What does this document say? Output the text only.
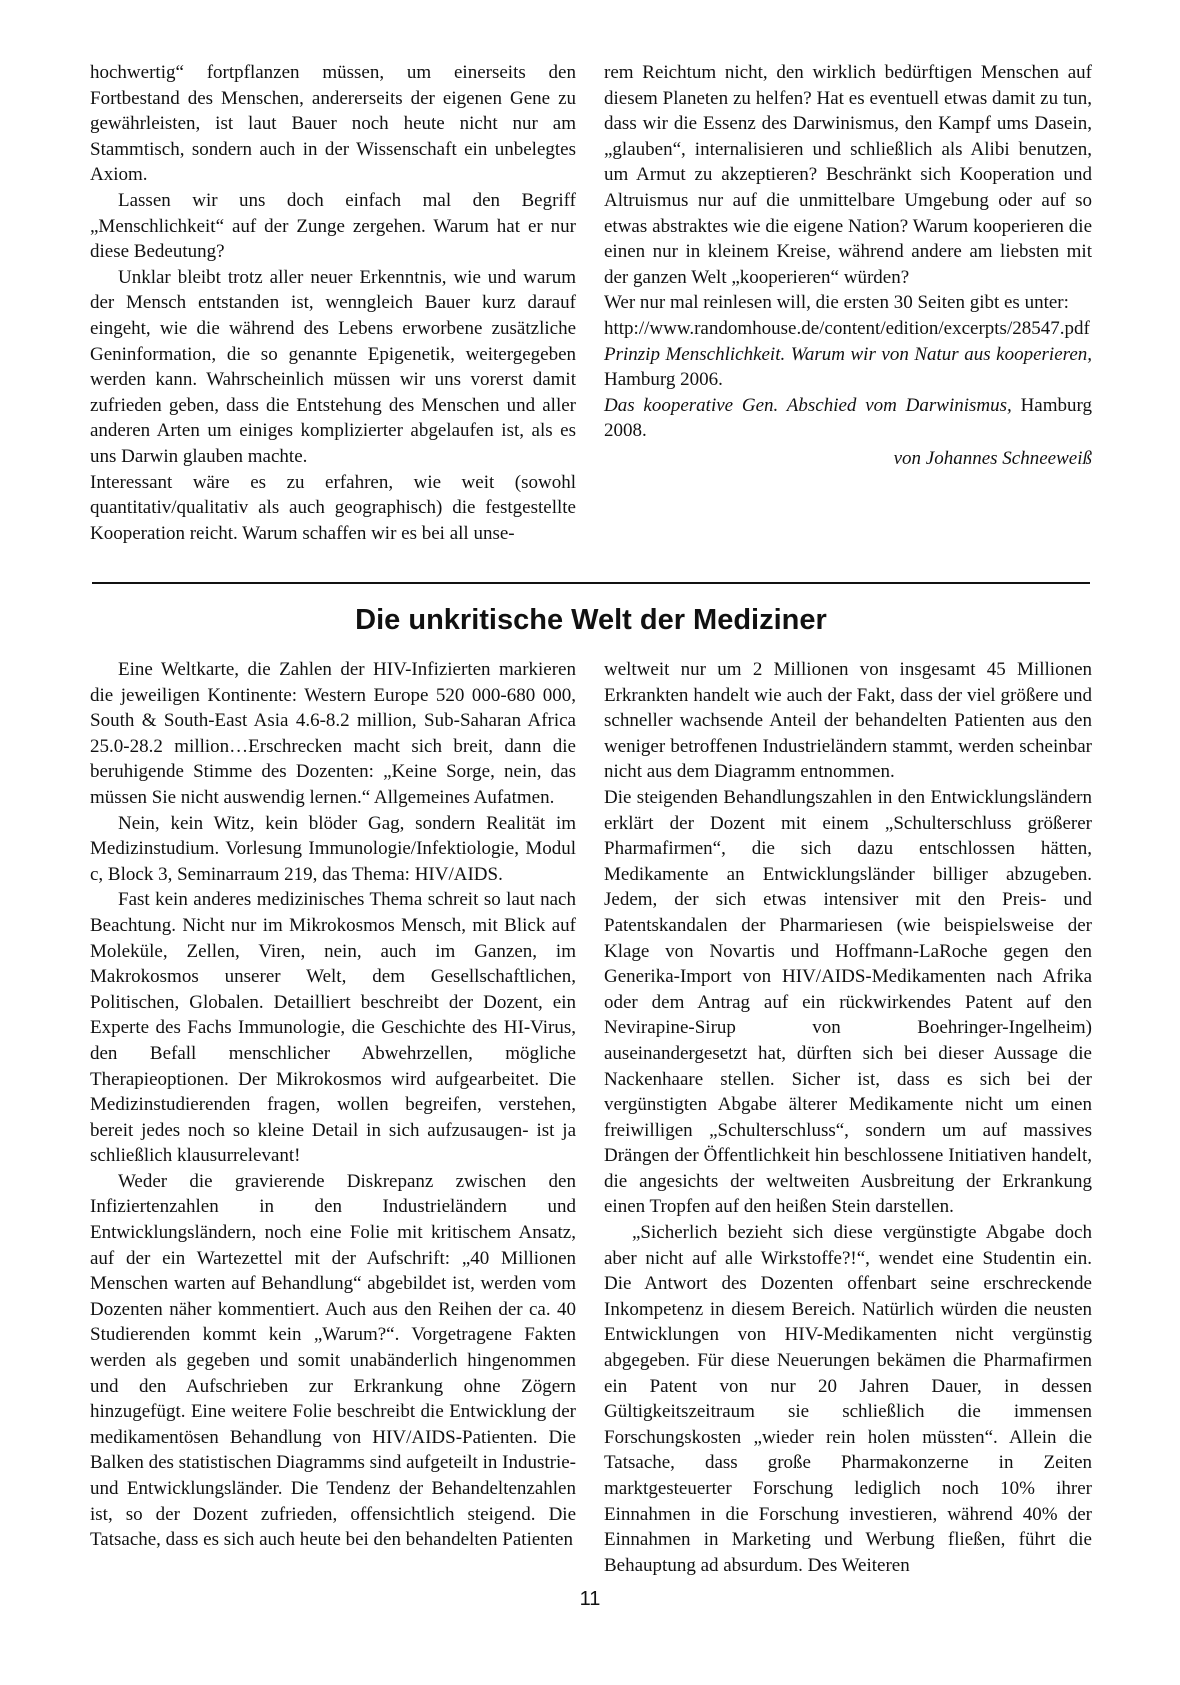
hochwertig“ fortpflanzen müssen, um einerseits den Fortbestand des Menschen, andererseits der eigenen Gene zu gewährleisten, ist laut Bauer noch heute nicht nur am Stammtisch, sondern auch in der Wissenschaft ein unbelegtes Axiom.

Lassen wir uns doch einfach mal den Begriff „Menschlichkeit“ auf der Zunge zergehen. Warum hat er nur diese Bedeutung?

Unklar bleibt trotz aller neuer Erkenntnis, wie und warum der Mensch entstanden ist, wenngleich Bauer kurz darauf eingeht, wie die während des Lebens erworbene zusätzliche Geninformation, die so genannte Epigenetik, weitergegeben werden kann. Wahrscheinlich müssen wir uns vorerst damit zufrieden geben, dass die Entstehung des Menschen und aller anderen Arten um einiges komplizierter abgelaufen ist, als es uns Darwin glauben machte.

Interessant wäre es zu erfahren, wie weit (sowohl quantitativ/qualitativ als auch geographisch) die festgestellte Kooperation reicht. Warum schaffen wir es bei all unse-

rem Reichtum nicht, den wirklich bedürftigen Menschen auf diesem Planeten zu helfen? Hat es eventuell etwas damit zu tun, dass wir die Essenz des Darwinismus, den Kampf ums Dasein, „glauben“, internalisieren und schließlich als Alibi benutzen, um Armut zu akzeptieren? Beschränkt sich Kooperation und Altruismus nur auf die unmittelbare Umgebung oder auf so etwas abstraktes wie die eigene Nation? Warum kooperieren die einen nur in kleinem Kreise, während andere am liebsten mit der ganzen Welt „kooperieren“ würden?

Wer nur mal reinlesen will, die ersten 30 Seiten gibt es unter:

http://www.randomhouse.de/content/edition/excerpts/28547.pdf

Prinzip Menschlichkeit. Warum wir von Natur aus kooperieren, Hamburg 2006.

Das kooperative Gen. Abschied vom Darwinismus, Hamburg 2008.

von Johannes Schneeweiß

Die unkritische Welt der Mediziner

Eine Weltkarte, die Zahlen der HIV-Infizierten markieren die jeweiligen Kontinente: Western Europe 520 000-680 000, South & South-East Asia 4.6-8.2 million, Sub-Saharan Africa 25.0-28.2 million…Erschrecken macht sich breit, dann die beruhigende Stimme des Dozenten: „Keine Sorge, nein, das müssen Sie nicht auswendig lernen.“ Allgemeines Aufatmen.

Nein, kein Witz, kein blöder Gag, sondern Realität im Medizinstudium. Vorlesung Immunologie/Infektiologie, Modul c, Block 3, Seminarraum 219, das Thema: HIV/AIDS.

Fast kein anderes medizinisches Thema schreit so laut nach Beachtung. Nicht nur im Mikrokosmos Mensch, mit Blick auf Moleküle, Zellen, Viren, nein, auch im Ganzen, im Makrokosmos unserer Welt, dem Gesellschaftlichen, Politischen, Globalen. Detailliert beschreibt der Dozent, ein Experte des Fachs Immunologie, die Geschichte des HI-Virus, den Befall menschlicher Abwehrzellen, mögliche Therapieoptionen. Der Mikrokosmos wird aufgearbeitet. Die Medizinstudierenden fragen, wollen begreifen, verstehen, bereit jedes noch so kleine Detail in sich aufzusaugen- ist ja schließlich klausurrelevant!

Weder die gravierende Diskrepanz zwischen den Infiziertenzahlen in den Industrieländern und Entwicklungsländern, noch eine Folie mit kritischem Ansatz, auf der ein Wartezettel mit der Aufschrift: „40 Millionen Menschen warten auf Behandlung“ abgebildet ist, werden vom Dozenten näher kommentiert. Auch aus den Reihen der ca. 40 Studierenden kommt kein „Warum?“. Vorgetragene Fakten werden als gegeben und somit unabänderlich hingenommen und den Aufschrieben zur Erkrankung ohne Zögern hinzugefügt. Eine weitere Folie beschreibt die Entwicklung der medikamentösen Behandlung von HIV/AIDS-Patienten. Die Balken des statistischen Diagramms sind aufgeteilt in Industrie- und Entwicklungsländer. Die Tendenz der Behandeltenzahlen ist, so der Dozent zufrieden, offensichtlich steigend. Die Tatsache, dass es sich auch heute bei den behandelten Patienten

weltweit nur um 2 Millionen von insgesamt 45 Millionen Erkrankten handelt wie auch der Fakt, dass der viel größere und schneller wachsende Anteil der behandelten Patienten aus den weniger betroffenen Industrieländern stammt, werden scheinbar nicht aus dem Diagramm entnommen.

Die steigenden Behandlungszahlen in den Entwicklungsländern erklärt der Dozent mit einem „Schulterschluss größerer Pharmafirmen“, die sich dazu entschlossen hätten, Medikamente an Entwicklungsländer billiger abzugeben. Jedem, der sich etwas intensiver mit den Preis- und Patentskandalen der Pharmariesen (wie beispielsweise der Klage von Novartis und Hoffmann-LaRoche gegen den Generika-Import von HIV/AIDS-Medikamenten nach Afrika oder dem Antrag auf ein rückwirkendes Patent auf den Nevirapine-Sirup von Boehringer-Ingelheim) auseinandergesetzt hat, dürften sich bei dieser Aussage die Nackenhaare stellen. Sicher ist, dass es sich bei der vergünstigten Abgabe älterer Medikamente nicht um einen freiwilligen „Schulterschluss“, sondern um auf massives Drängen der Öffentlichkeit hin beschlossene Initiativen handelt, die angesichts der weltweiten Ausbreitung der Erkrankung einen Tropfen auf den heißen Stein darstellen.

„Sicherlich bezieht sich diese vergünstigte Abgabe doch aber nicht auf alle Wirkstoffe?!“, wendet eine Studentin ein. Die Antwort des Dozenten offenbart seine erschreckende Inkompetenz in diesem Bereich. Natürlich würden die neusten Entwicklungen von HIV-Medikamenten nicht vergünstig abgegeben. Für diese Neuerungen bekämen die Pharmafirmen ein Patent von nur 20 Jahren Dauer, in dessen Gültigkeitszeitraum sie schließlich die immensen Forschungskosten „wieder rein holen müssten“. Allein die Tatsache, dass große Pharmakonzerne in Zeiten marktgesteuerter Forschung lediglich noch 10% ihrer Einnahmen in die Forschung investieren, während 40% der Einnahmen in Marketing und Werbung fließen, führt die Behauptung ad absurdum. Des Weiteren

11
